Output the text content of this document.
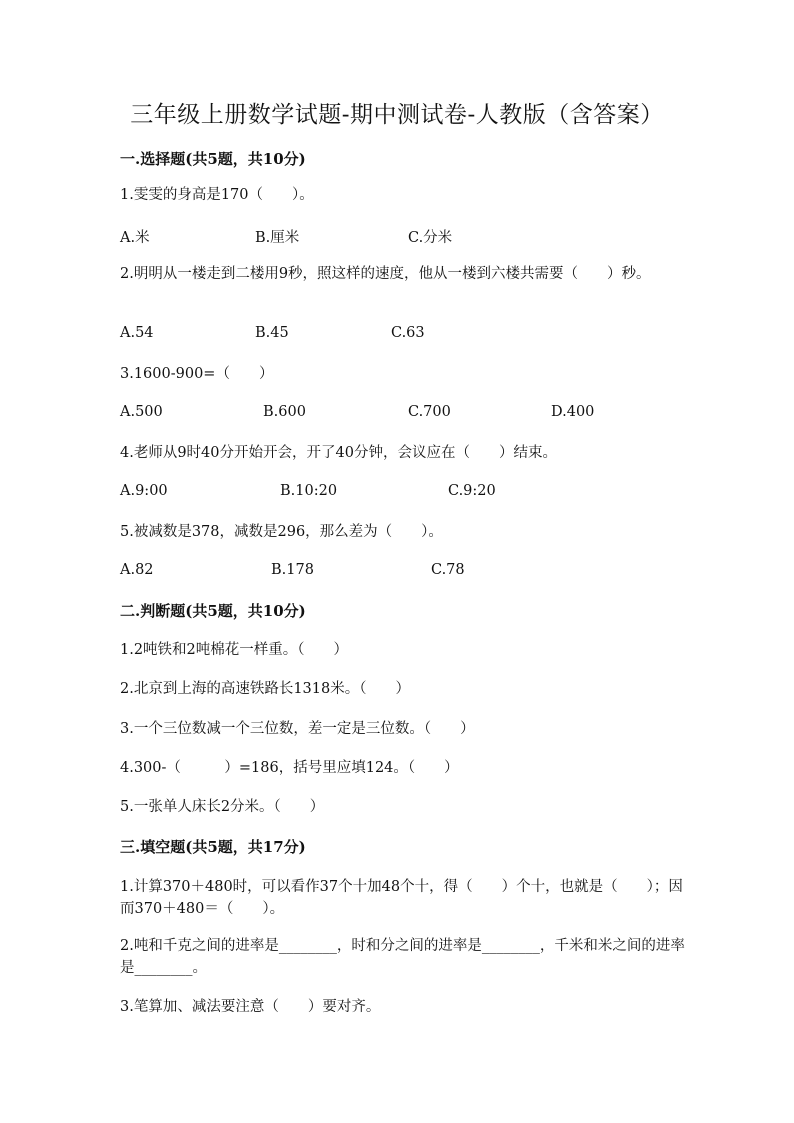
三年级上册数学试题-期中测试卷-人教版（含答案）
一.选择题(共5题，共10分)
1.雯雯的身高是170（　　）。
A.米	B.厘米	C.分米
2.明明从一楼走到二楼用9秒，照这样的速度，他从一楼到六楼共需要（　　）秒。
A.54	B.45	C.63
3.1600-900=（　　）
A.500	B.600	C.700	D.400
4.老师从9时40分开始开会，开了40分钟，会议应在（　　）结束。
A.9:00	B.10:20	C.9:20
5.被减数是378，减数是296，那么差为（　　）。
A.82	B.178	C.78
二.判断题(共5题，共10分)
1.2吨铁和2吨棉花一样重。（　　）
2.北京到上海的高速铁路长1318米。（　　）
3.一个三位数减一个三位数，差一定是三位数。（　　）
4.300-（　　　）=186，括号里应填124。（　　）
5.一张单人床长2分米。（　　）
三.填空题(共5题，共17分)
1.计算370＋480时，可以看作37个十加48个十，得（　　）个十，也就是（　　）；因而370＋480＝（　　）。
2.吨和千克之间的进率是________，时和分之间的进率是________，千米和米之间的进率是________。
3.笔算加、减法要注意（　　）要对齐。
